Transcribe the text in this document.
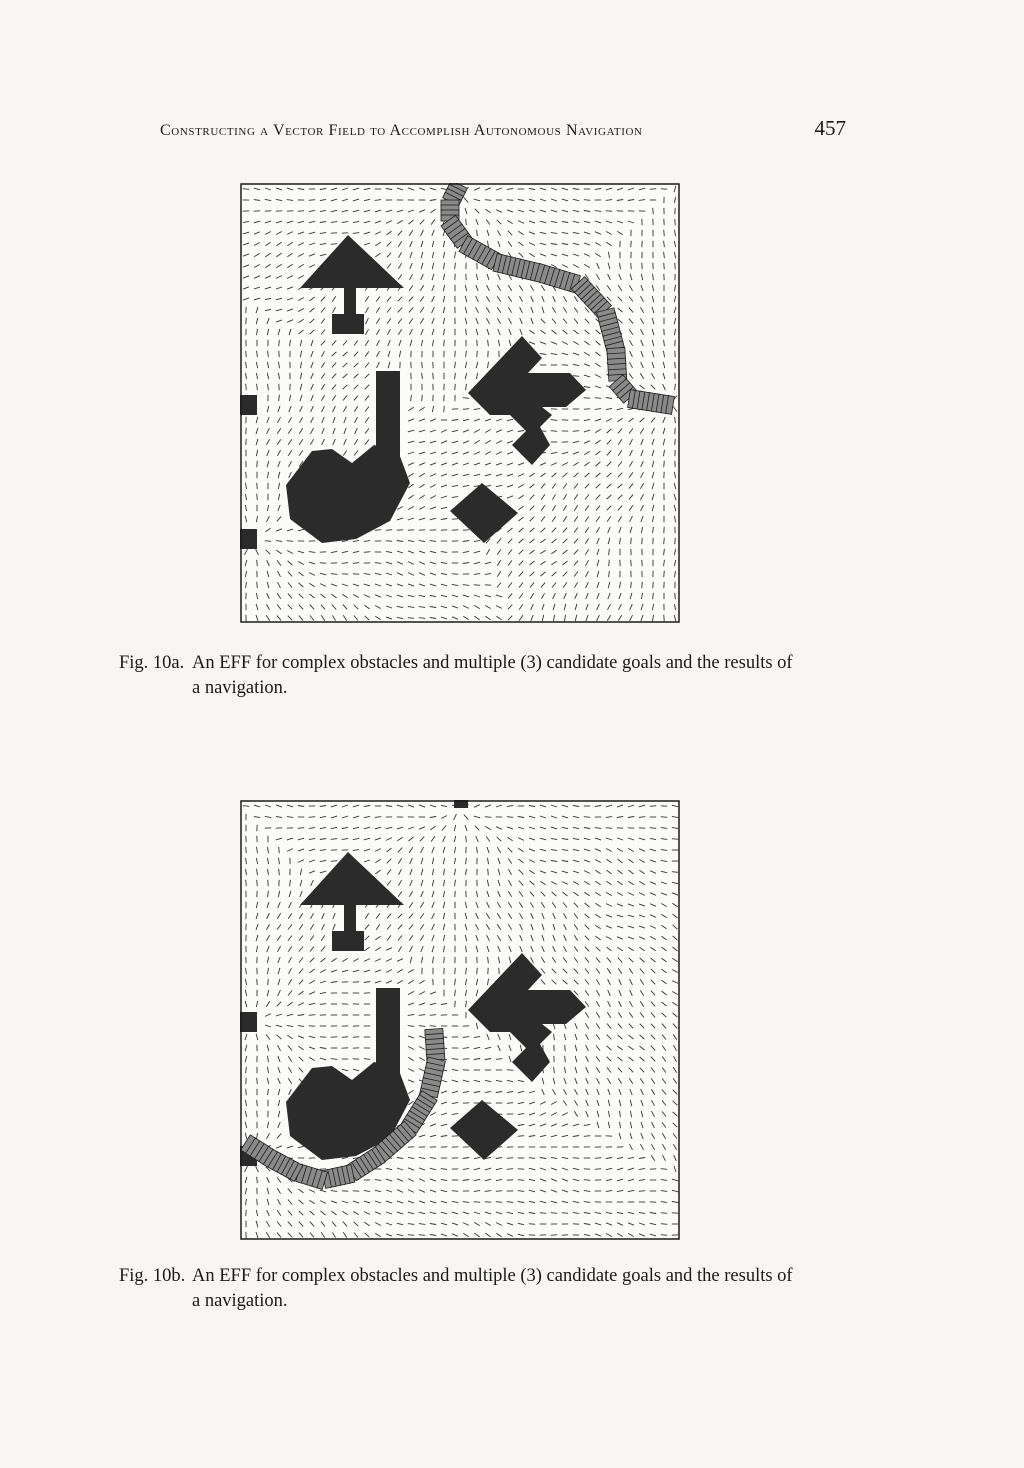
Constructing a Vector Field to Accomplish Autonomous Navigation	457
Fig. 10a. An EFF for complex obstacles and multiple (3) candidate goals and the results of
a navigation.
Fig. 10b. An EFF for complex obstacles and multiple (3) candidate goals and the results of
a navigation.
